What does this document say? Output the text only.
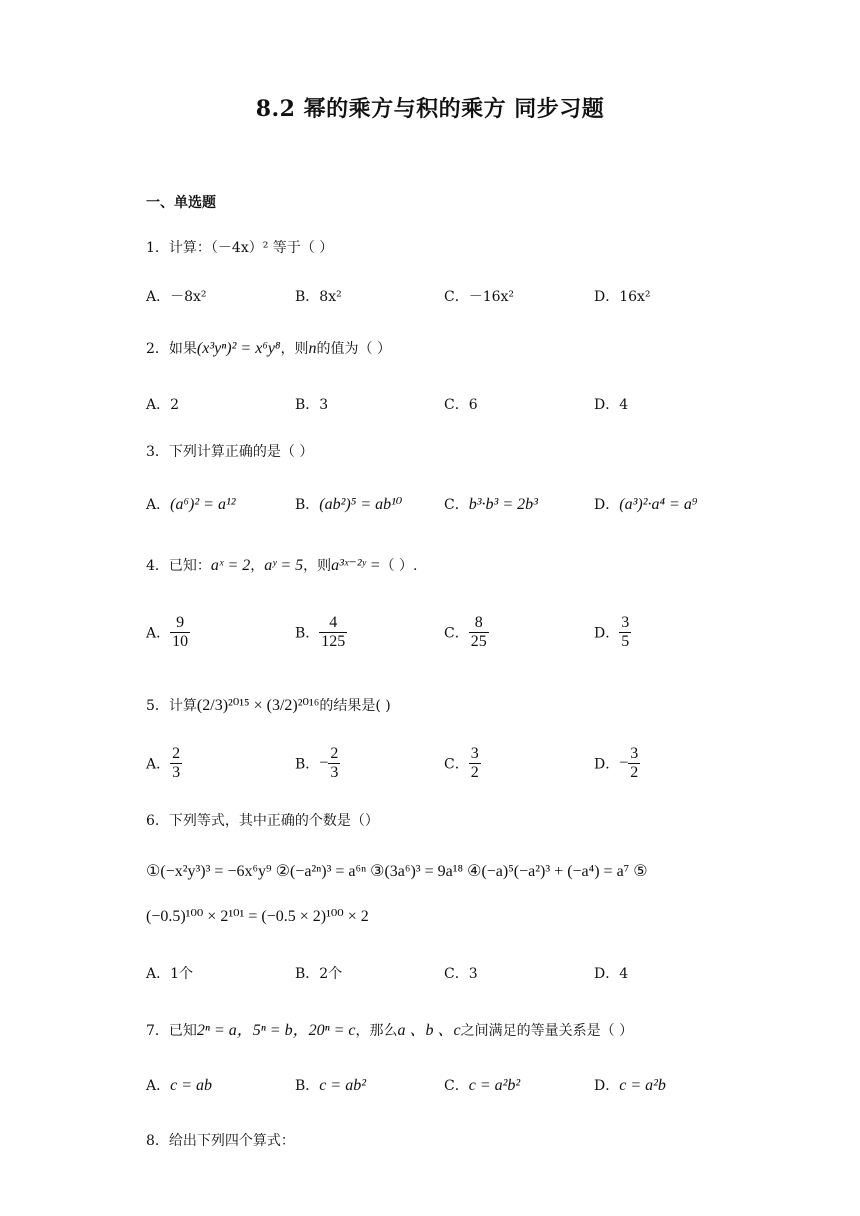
8.2 幂的乘方与积的乘方 同步习题
一、单选题
1．计算：（－4x）² 等于（ ）
A．－8x²	B．8x²	C．－16x²	D．16x²
2．如果(x³yⁿ)² = x⁶y⁸，则n的值为（ ）
A．2	B．3	C．6	D．4
3．下列计算正确的是（ ）
A．(a⁶)² = a¹²	B．(ab²)⁵ = ab¹⁰	C．b³·b³ = 2b³	D．(a³)²·a⁴ = a⁹
4．已知：aˣ = 2，aʸ = 5，则a³ˣ⁻²ʸ =（ ）.
A． $\frac{9}{10}$	B． $\frac{4}{125}$	C． $\frac{8}{25}$	D． $\frac{3}{5}$
5．计算(2/3)²⁰¹⁵ × (3/2)²⁰¹⁶的结果是( )
A． $\frac{2}{3}$	B．− $\frac{2}{3}$	C． $\frac{3}{2}$	D．− $\frac{3}{2}$
6．下列等式，其中正确的个数是（）
①(−x²y³)³ = −6x⁶y⁹ ②(−a²ⁿ)³ = a⁶ⁿ ③(3a⁶)³ = 9a¹⁸ ④(−a)⁵(−a²)³ + (−a⁴) = a⁷ ⑤
(−0.5)¹⁰⁰ × 2¹⁰¹ = (−0.5 × 2)¹⁰⁰ × 2
A．1个	B．2个	C．3	D．4
7．已知2ⁿ = a，5ⁿ = b，20ⁿ = c，那么a 、b 、c之间满足的等量关系是（ ）
A．c = ab	B．c = ab²	C．c = a²b²	D．c = a²b
8．给出下列四个算式：
